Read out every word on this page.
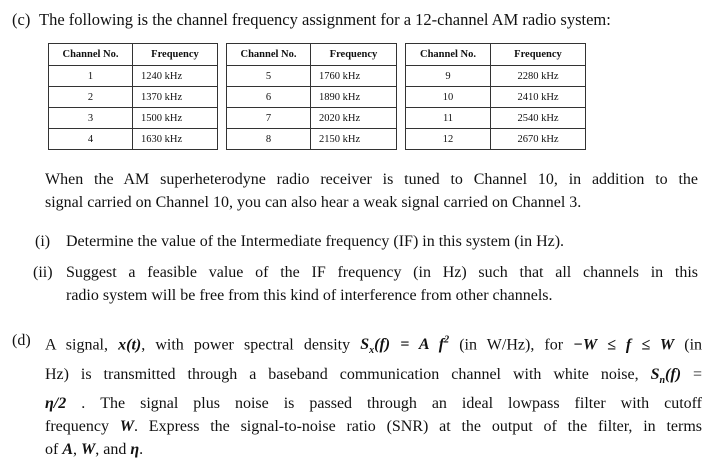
(c) The following is the channel frequency assignment for a 12-channel AM radio system:
Channel No.	Frequency		Channel No.	Frequency		Channel No.	Frequency
1	1240 kHz		5	1760 kHz		9	2280 kHz
2	1370 kHz		6	1890 kHz		10	2410 kHz
3	1500 kHz		7	2020 kHz		11	2540 kHz
4	1630 kHz		8	2150 kHz		12	2670 kHz
When the AM superheterodyne radio receiver is tuned to Channel 10, in addition to the
signal carried on Channel 10, you can also hear a weak signal carried on Channel 3.
(i) Determine the value of the Intermediate frequency (IF) in this system (in Hz).
(ii) Suggest a feasible value of the IF frequency (in Hz) such that all channels in this
radio system will be free from this kind of interference from other channels.
(d) A signal, x(t), with power spectral density $S_x(f) = A$ $f^2$ (in W/Hz), for −W ≤ f ≤ W (in
Hz) is transmitted through a baseband communication channel with white noise, $S_n(f)$ =
η/2 . The signal plus noise is passed through an ideal lowpass filter with cutoff
frequency W. Express the signal-to-noise ratio (SNR) at the output of the filter, in terms
of A, W, and η.
